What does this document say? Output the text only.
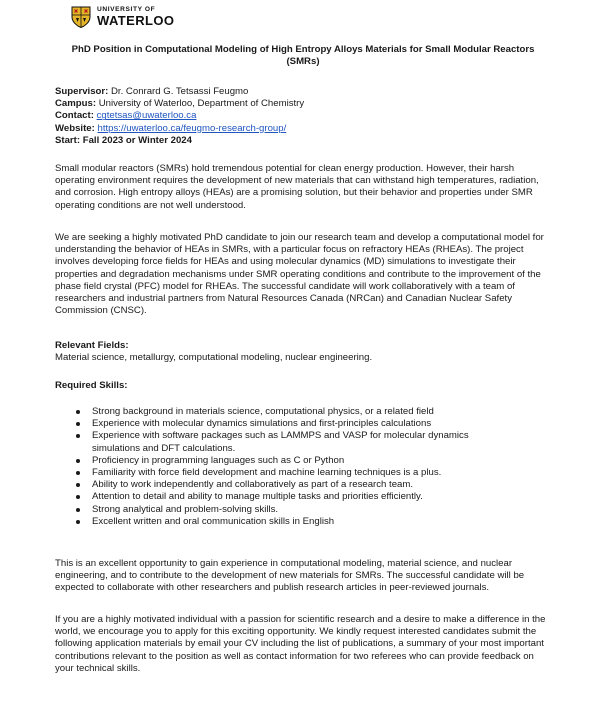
UNIVERSITY OF
WATERLOO
PhD Position in Computational Modeling of High Entropy Alloys Materials for Small Modular Reactors (SMRs)
Supervisor: Dr. Conrard G. Tetsassi Feugmo
Campus: University of Waterloo, Department of Chemistry
Contact: cgtetsas@uwaterloo.ca
Website: https://uwaterloo.ca/feugmo-research-group/
Start: Fall 2023 or Winter 2024

Small modular reactors (SMRs) hold tremendous potential for clean energy production. However, their harsh operating environment requires the development of new materials that can withstand high temperatures, radiation, and corrosion. High entropy alloys (HEAs) are a promising solution, but their behavior and properties under SMR operating conditions are not well understood.

We are seeking a highly motivated PhD candidate to join our research team and develop a computational model for understanding the behavior of HEAs in SMRs, with a particular focus on refractory HEAs (RHEAs). The project involves developing force fields for HEAs and using molecular dynamics (MD) simulations to investigate their properties and degradation mechanisms under SMR operating conditions and contribute to the improvement of the phase field crystal (PFC) model for RHEAs. The successful candidate will work collaboratively with a team of researchers and industrial partners from Natural Resources Canada (NRCan) and Canadian Nuclear Safety Commission (CNSC).

Relevant Fields:
Material science, metallurgy, computational modeling, nuclear engineering.
Required Skills:
Strong background in materials science, computational physics, or a related field
Experience with molecular dynamics simulations and first-principles calculations
Experience with software packages such as LAMMPS and VASP for molecular dynamics simulations and DFT calculations.
Proficiency in programming languages such as C or Python
Familiarity with force field development and machine learning techniques is a plus.
Ability to work independently and collaboratively as part of a research team.
Attention to detail and ability to manage multiple tasks and priorities efficiently.
Strong analytical and problem-solving skills.
Excellent written and oral communication skills in English

This is an excellent opportunity to gain experience in computational modeling, material science, and nuclear engineering, and to contribute to the development of new materials for SMRs. The successful candidate will be expected to collaborate with other researchers and publish research articles in peer-reviewed journals.

If you are a highly motivated individual with a passion for scientific research and a desire to make a difference in the world, we encourage you to apply for this exciting opportunity. We kindly request interested candidates submit the following application materials by email your CV including the list of publications, a summary of your most important contributions relevant to the position as well as contact information for two referees who can provide feedback on your technical skills.
